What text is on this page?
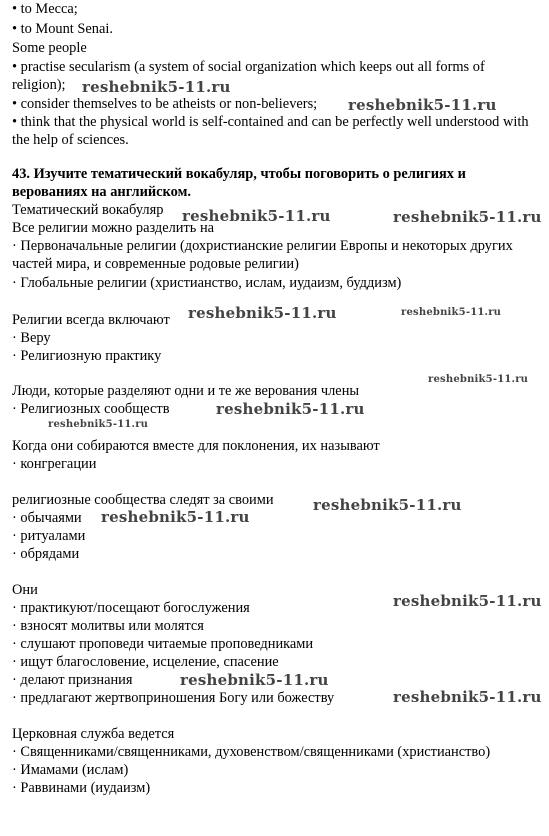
• to Mecca;
• to Mount Senai.
Some people
• practise secularism (a system of social organization which keeps out all forms of religion);
• consider themselves to be atheists or non-believers;
• think that the physical world is self-contained and can be perfectly well understood with the help of sciences.
43. Изучите тематический вокабуляр, чтобы поговорить о религиях и верованиях на английском.
Тематический вокабуляр
Все религии можно разделить на
· Первоначальные религии (дохристианские религии Европы и некоторых других частей мира, и современные родовые религии)
· Глобальные религии (христианство, ислам, иудаизм, буддизм)
Религии всегда включают
· Веру
· Религиозную практику
Люди, которые разделяют одни и те же верования члены
· Религиозных сообществ
Когда они собираются вместе для поклонения, их называют
· конгрегации
религиозные сообщества следят за своими
· обычаями
· ритуалами
· обрядами
Они
· практикуют/посещают богослужения
· взносят молитвы или молятся
· слушают проповеди читаемые проповедниками
· ищут благословение, исцеление, спасение
· делают признания
· предлагают жертвоприношения Богу или божеству
Церковная служба ведется
· Священниками/священниками, духовенством/священниками (христианство)
· Имамами (ислам)
· Раввинами (иудаизм)
reshebnik5-11.ru
reshebnik5-11.ru
reshebnik5-11.ru	reshebnik5-11.ru
reshebnik5-11.ru	reshebnik5-11.ru
reshebnik5-11.ru
reshebnik5-11.ru
reshebnik5-11.ru
reshebnik5-11.ru
reshebnik5-11.ru
reshebnik5-11.ru
reshebnik5-11.ru
reshebnik5-11.ru
